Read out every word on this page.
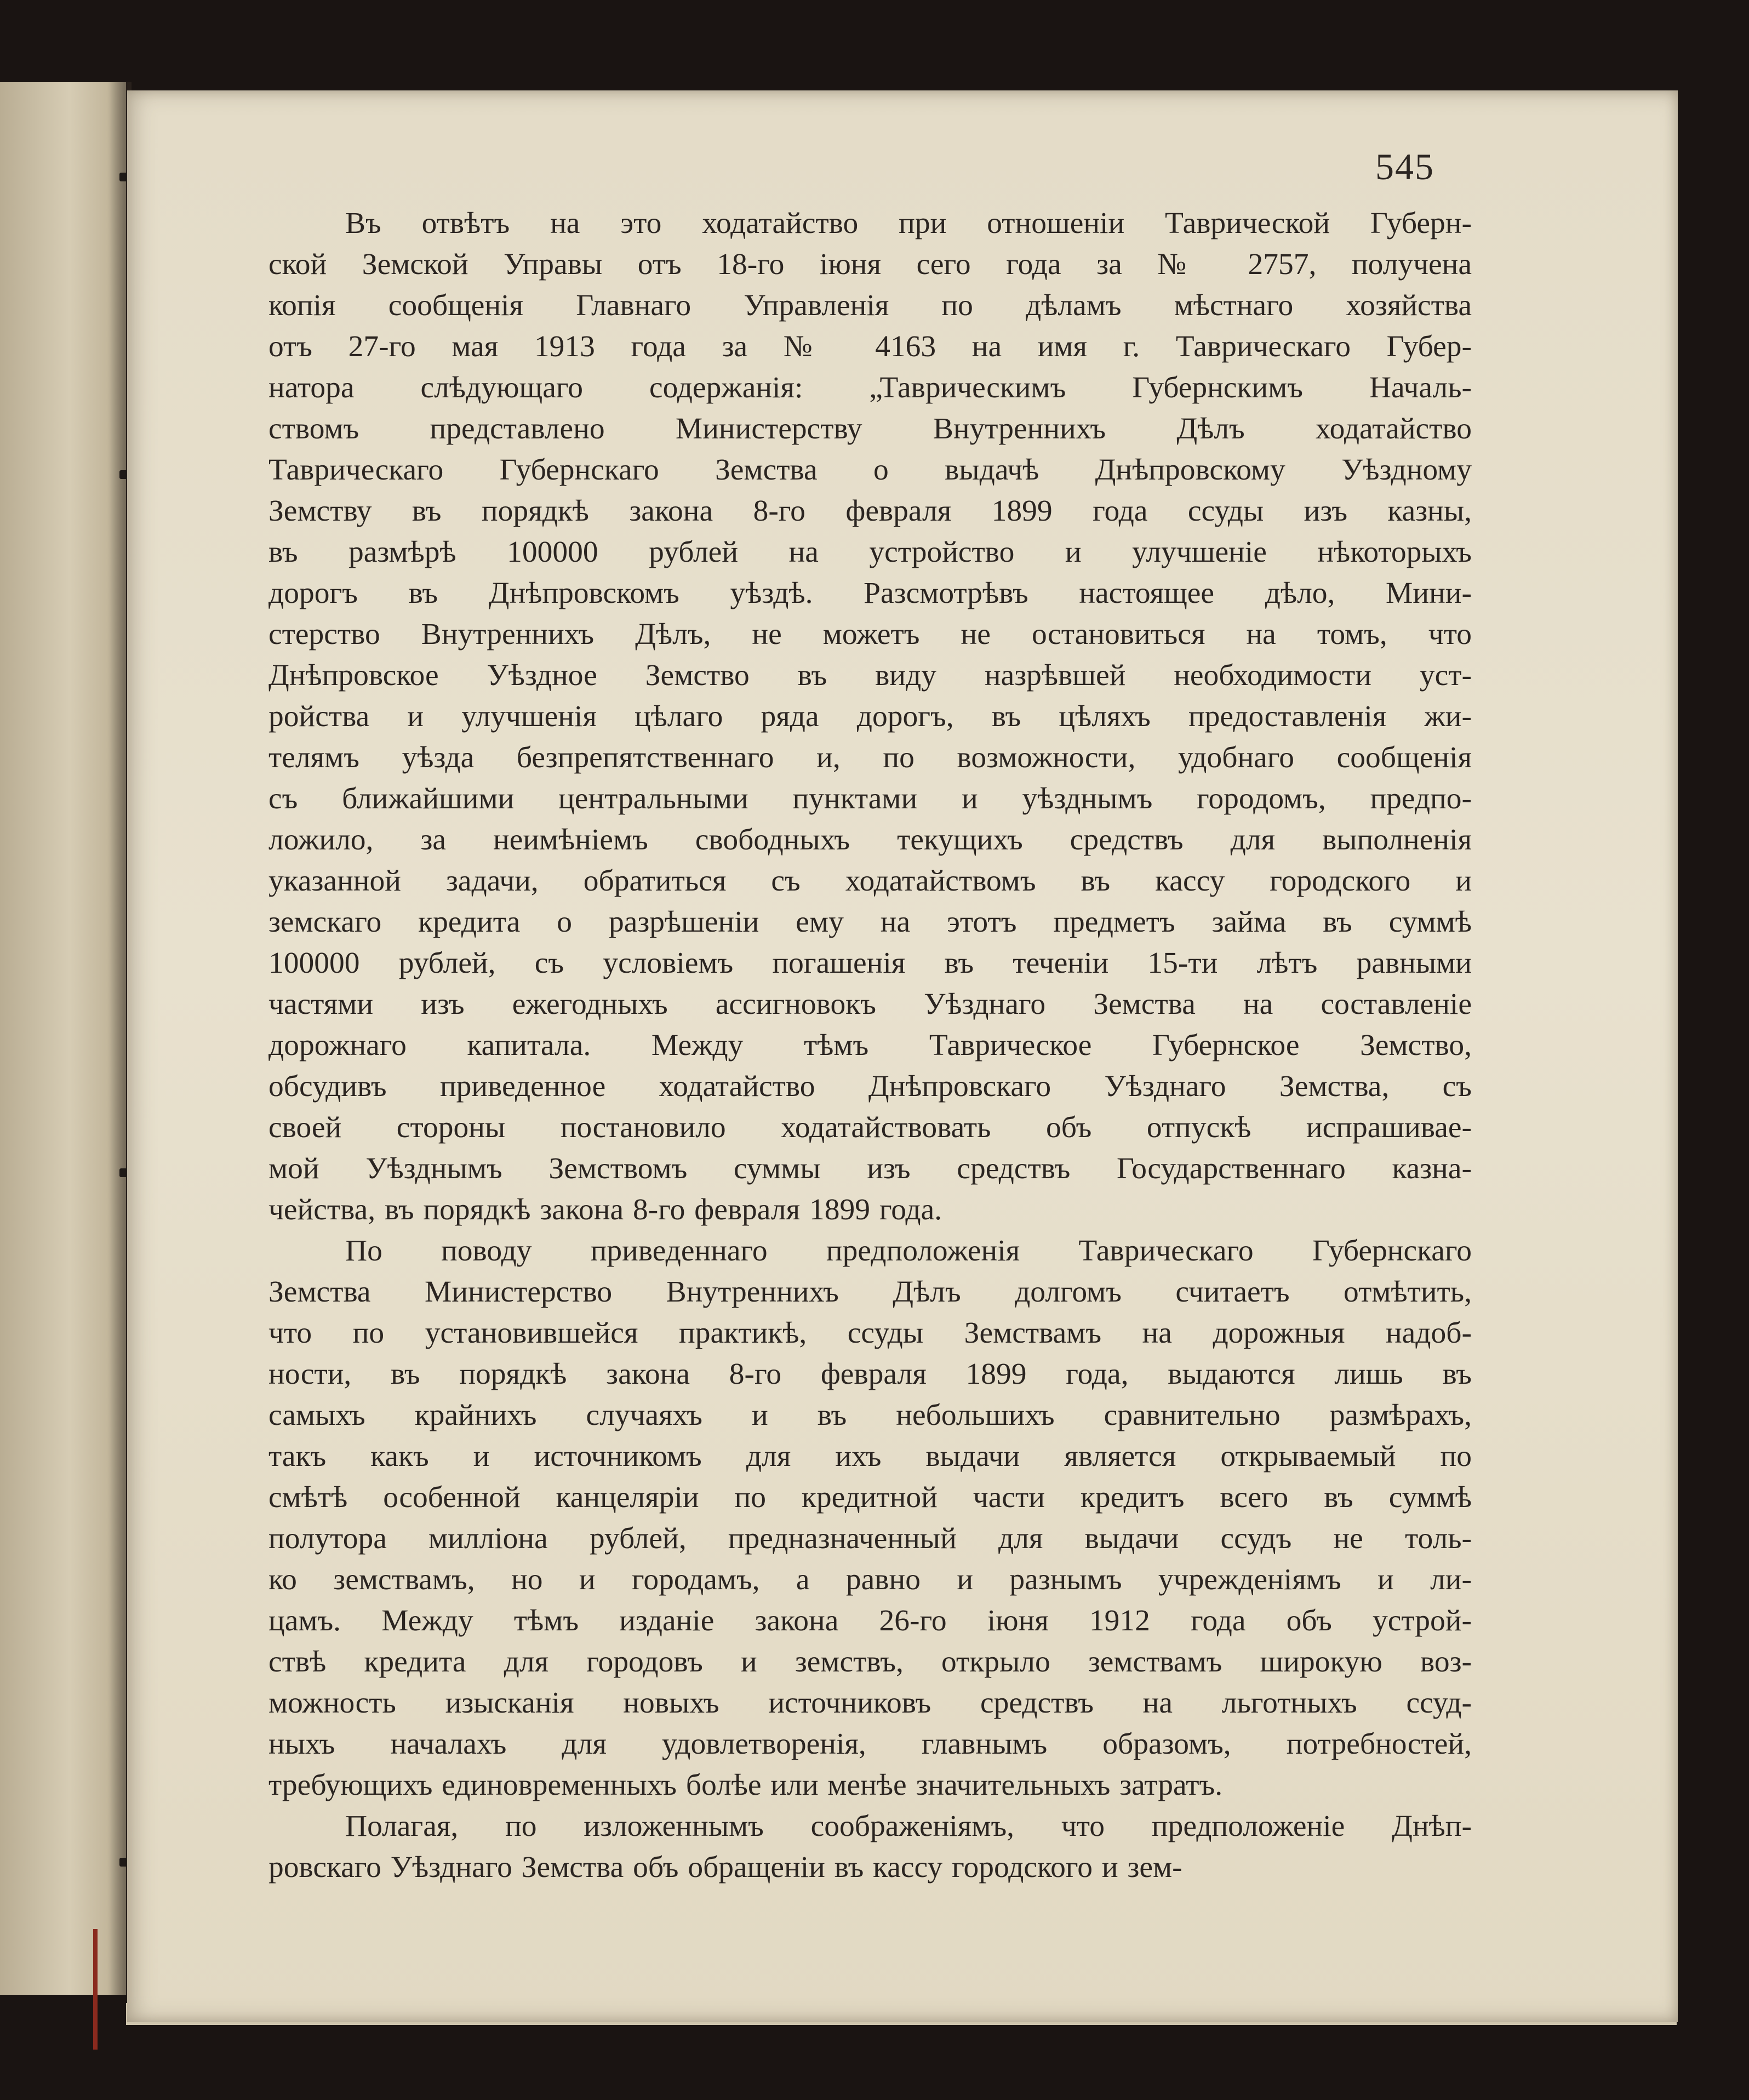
545

Въ отвѣтъ на это ходатайство при отношеніи Таврической Губерн-
ской Земской Управы отъ 18-го іюня сего года за № 2757, получена
копія сообщенія Главнаго Управленія по дѣламъ мѣстнаго хозяйства
отъ 27-го мая 1913 года за № 4163 на имя г. Таврическаго Губер-
натора слѣдующаго содержанія: „Таврическимъ Губернскимъ Началь-
ствомъ представлено Министерству Внутреннихъ Дѣлъ ходатайство
Таврическаго Губернскаго Земства о выдачѣ Днѣпровскому Уѣздному
Земству въ порядкѣ закона 8-го февраля 1899 года ссуды изъ казны,
въ размѣрѣ 100000 рублей на устройство и улучшеніе нѣкоторыхъ
дорогъ въ Днѣпровскомъ уѣздѣ. Разсмотрѣвъ настоящее дѣло, Мини-
стерство Внутреннихъ Дѣлъ, не можетъ не остановиться на томъ, что
Днѣпровское Уѣздное Земство въ виду назрѣвшей необходимости уст-
ройства и улучшенія цѣлаго ряда дорогъ, въ цѣляхъ предоставленія жи-
телямъ уѣзда безпрепятственнаго и, по возможности, удобнаго сообщенія
съ ближайшими центральными пунктами и уѣзднымъ городомъ, предпо-
ложило, за неимѣніемъ свободныхъ текущихъ средствъ для выполненія
указанной задачи, обратиться съ ходатайствомъ въ кассу городского и
земскаго кредита о разрѣшеніи ему на этотъ предметъ займа въ суммѣ
100000 рублей, съ условіемъ погашенія въ теченіи 15-ти лѣтъ равными
частями изъ ежегодныхъ ассигновокъ Уѣзднаго Земства на составленіе
дорожнаго капитала. Между тѣмъ Таврическое Губернское Земство,
обсудивъ приведенное ходатайство Днѣпровскаго Уѣзднаго Земства, съ
своей стороны постановило ходатайствовать объ отпускѣ испрашивае-
мой Уѣзднымъ Земствомъ суммы изъ средствъ Государственнаго казна-
чейства, въ порядкѣ закона 8-го февраля 1899 года.

По поводу приведеннаго предположенія Таврическаго Губернскаго
Земства Министерство Внутреннихъ Дѣлъ долгомъ считаетъ отмѣтить,
что по установившейся практикѣ, ссуды Земствамъ на дорожныя надоб-
ности, въ порядкѣ закона 8-го февраля 1899 года, выдаются лишь въ
самыхъ крайнихъ случаяхъ и въ небольшихъ сравнительно размѣрахъ,
такъ какъ и источникомъ для ихъ выдачи является открываемый по
смѣтѣ особенной канцеляріи по кредитной части кредитъ всего въ суммѣ
полутора милліона рублей, предназначенный для выдачи ссудъ не толь-
ко земствамъ, но и городамъ, а равно и разнымъ учрежденіямъ и ли-
цамъ. Между тѣмъ изданіе закона 26-го іюня 1912 года объ устрой-
ствѣ кредита для городовъ и земствъ, открыло земствамъ широкую воз-
можность изысканія новыхъ источниковъ средствъ на льготныхъ ссуд-
ныхъ началахъ для удовлетворенія, главнымъ образомъ, потребностей,
требующихъ единовременныхъ болѣе или менѣе значительныхъ затратъ.

Полагая, по изложеннымъ соображеніямъ, что предположеніе Днѣп-
ровскаго Уѣзднаго Земства объ обращеніи въ кассу городского и зем-
